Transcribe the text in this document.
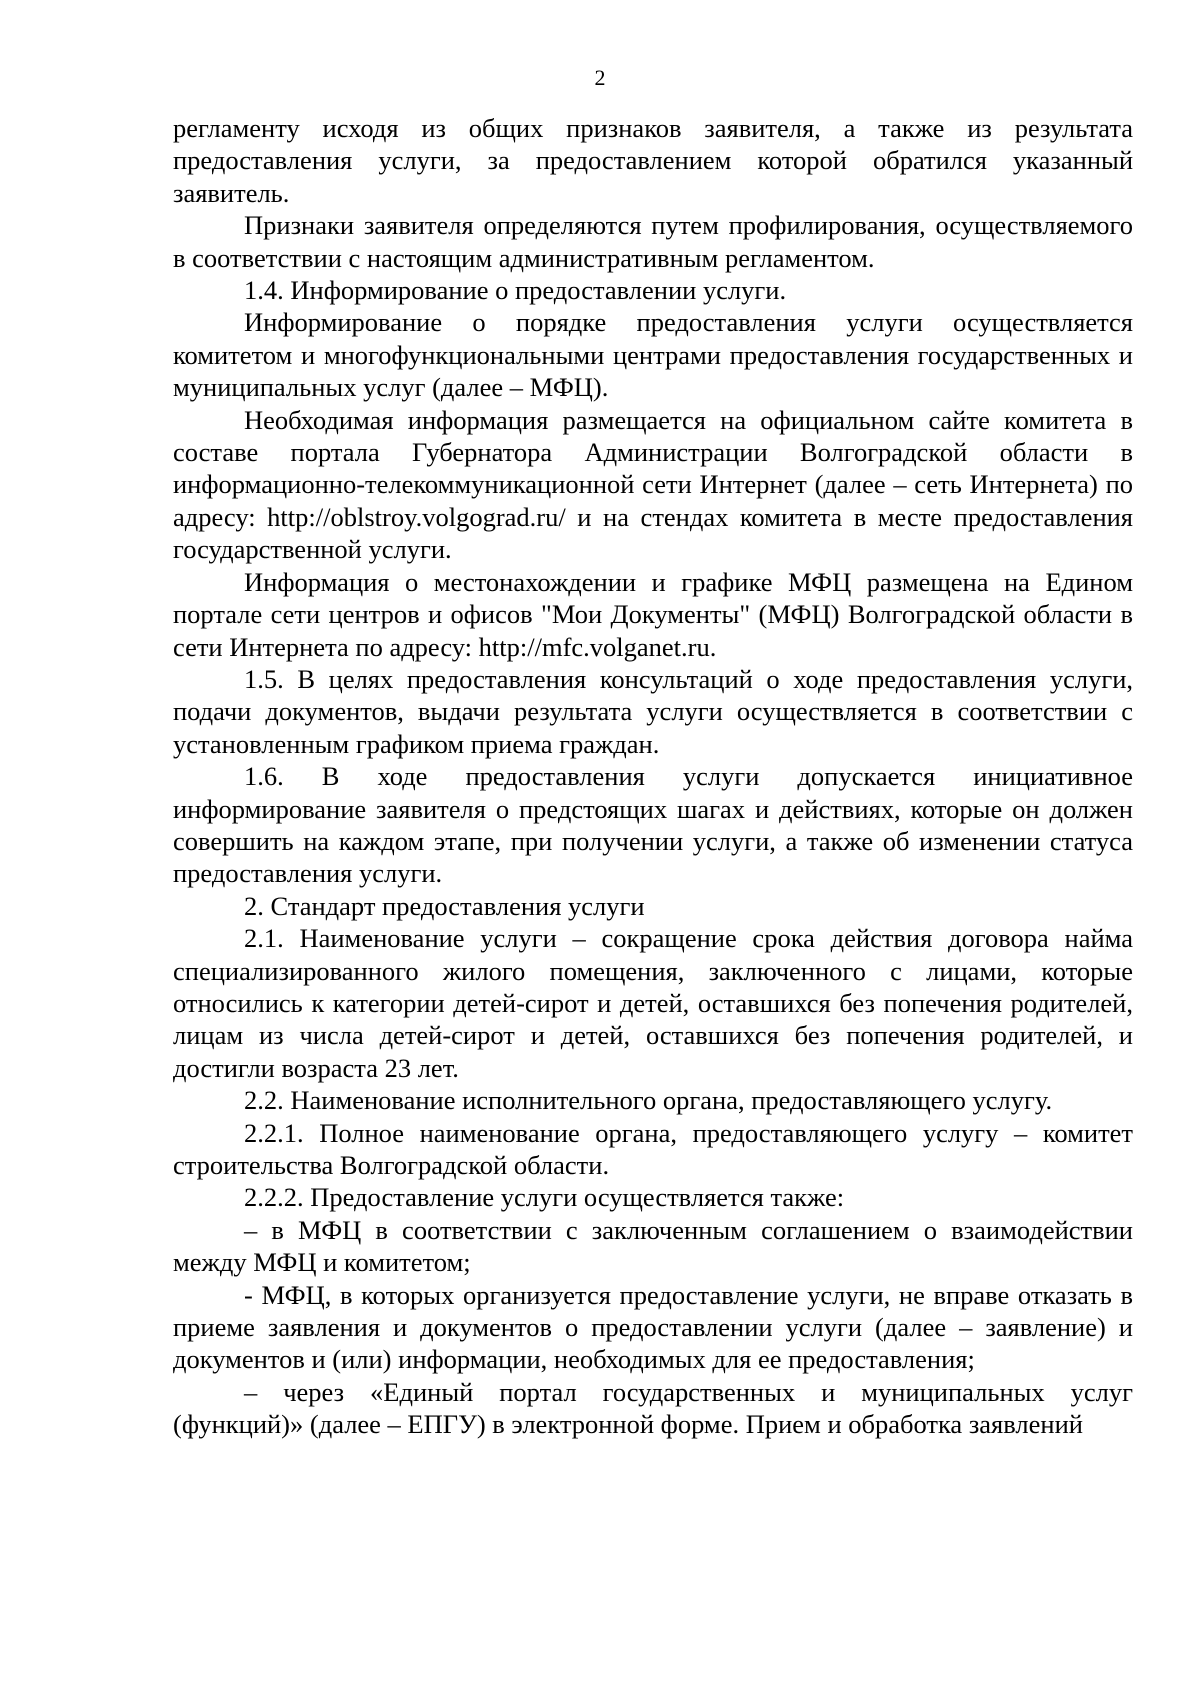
2

регламенту исходя из общих признаков заявителя, а также из результата предоставления услуги, за предоставлением которой обратился указанный заявитель.

Признаки заявителя определяются путем профилирования, осуществляемого в соответствии с настоящим административным регламентом.

1.4. Информирование о предоставлении услуги.

Информирование о порядке предоставления услуги осуществляется комитетом и многофункциональными центрами предоставления государственных и муниципальных услуг (далее – МФЦ).

Необходимая информация размещается на официальном сайте комитета в составе портала Губернатора Администрации Волгоградской области в информационно-телекоммуникационной сети Интернет (далее – сеть Интернета) по адресу: http://oblstroy.volgograd.ru/ и на стендах комитета в месте предоставления государственной услуги.

Информация о местонахождении и графике МФЦ размещена на Едином портале сети центров и офисов "Мои Документы" (МФЦ) Волгоградской области в сети Интернета по адресу: http://mfc.volganet.ru.

1.5. В целях предоставления консультаций о ходе предоставления услуги, подачи документов, выдачи результата услуги осуществляется в соответствии с установленным графиком приема граждан.

1.6. В ходе предоставления услуги допускается инициативное информирование заявителя о предстоящих шагах и действиях, которые он должен совершить на каждом этапе, при получении услуги, а также об изменении статуса предоставления услуги.

2. Стандарт предоставления услуги

2.1. Наименование услуги – сокращение срока действия договора найма специализированного жилого помещения, заключенного с лицами, которые относились к категории детей-сирот и детей, оставшихся без попечения родителей, лицам из числа детей-сирот и детей, оставшихся без попечения родителей, и достигли возраста 23 лет.

2.2. Наименование исполнительного органа, предоставляющего услугу.

2.2.1. Полное наименование органа, предоставляющего услугу – комитет строительства Волгоградской области.

2.2.2. Предоставление услуги осуществляется также:

– в МФЦ в соответствии с заключенным соглашением о взаимодействии между МФЦ и комитетом;

- МФЦ, в которых организуется предоставление услуги, не вправе отказать в приеме заявления и документов о предоставлении услуги (далее – заявление) и документов и (или) информации, необходимых для ее предоставления;

– через «Единый портал государственных и муниципальных услуг (функций)» (далее – ЕПГУ) в электронной форме. Прием и обработка заявлений
